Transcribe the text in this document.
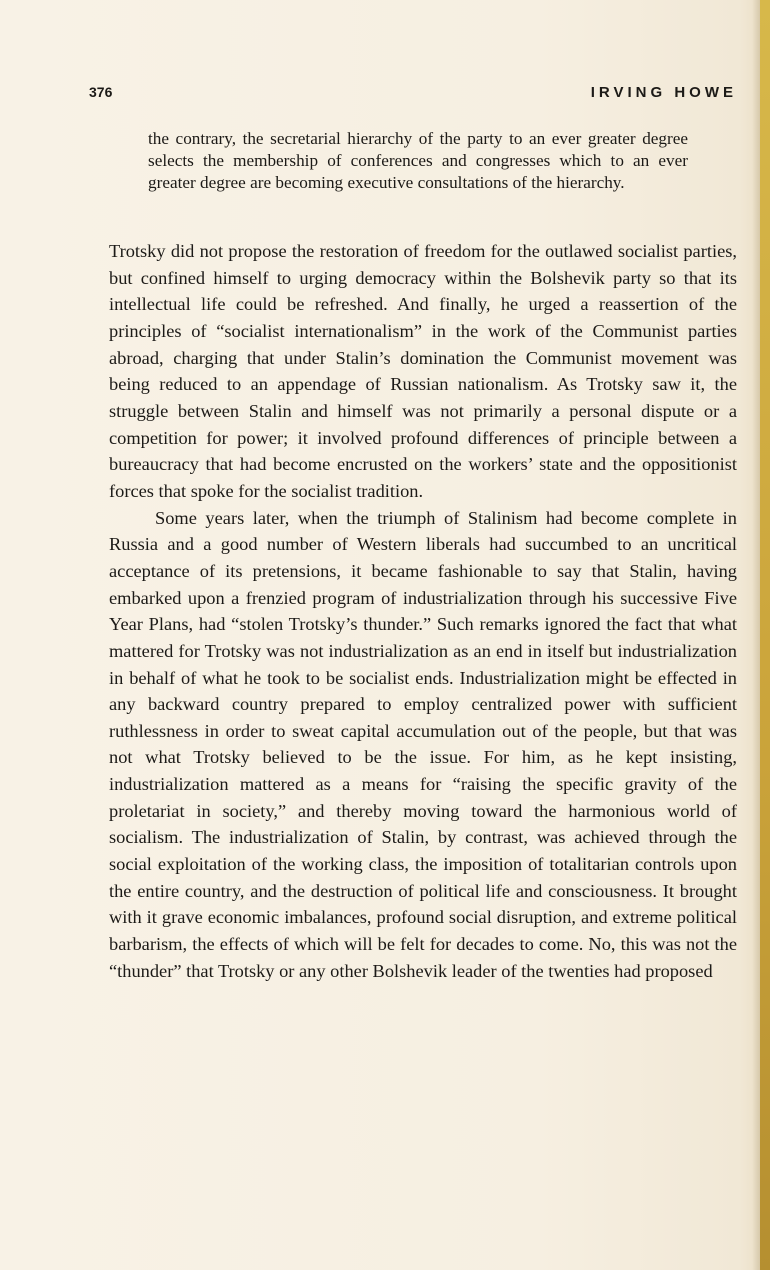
376	IRVING HOWE
the contrary, the secretarial hierarchy of the party to an ever greater degree selects the membership of conferences and congresses which to an ever greater degree are becoming executive consultations of the hierarchy.

Trotsky did not propose the restoration of freedom for the outlawed socialist parties, but confined himself to urging democracy within the Bolshevik party so that its intellectual life could be refreshed. And finally, he urged a reassertion of the principles of “socialist internationalism” in the work of the Communist parties abroad, charging that under Stalin’s domination the Communist movement was being reduced to an appendage of Russian nationalism. As Trotsky saw it, the struggle between Stalin and himself was not primarily a personal dispute or a competition for power; it involved profound differences of principle between a bureaucracy that had become encrusted on the workers’ state and the oppositionist forces that spoke for the socialist tradition.

Some years later, when the triumph of Stalinism had become complete in Russia and a good number of Western liberals had succumbed to an uncritical acceptance of its pretensions, it became fashionable to say that Stalin, having embarked upon a frenzied program of industrialization through his successive Five Year Plans, had “stolen Trotsky’s thunder.” Such remarks ignored the fact that what mattered for Trotsky was not industrialization as an end in itself but industrialization in behalf of what he took to be socialist ends. Industrialization might be effected in any backward country prepared to employ centralized power with sufficient ruthlessness in order to sweat capital accumulation out of the people, but that was not what Trotsky believed to be the issue. For him, as he kept insisting, industrialization mattered as a means for “raising the specific gravity of the proletariat in society,” and thereby moving toward the harmonious world of socialism. The industrialization of Stalin, by contrast, was achieved through the social exploitation of the working class, the imposition of totalitarian controls upon the entire country, and the destruction of political life and consciousness. It brought with it grave economic imbalances, profound social disruption, and extreme political barbarism, the effects of which will be felt for decades to come. No, this was not the “thunder” that Trotsky or any other Bolshevik leader of the twenties had proposed
